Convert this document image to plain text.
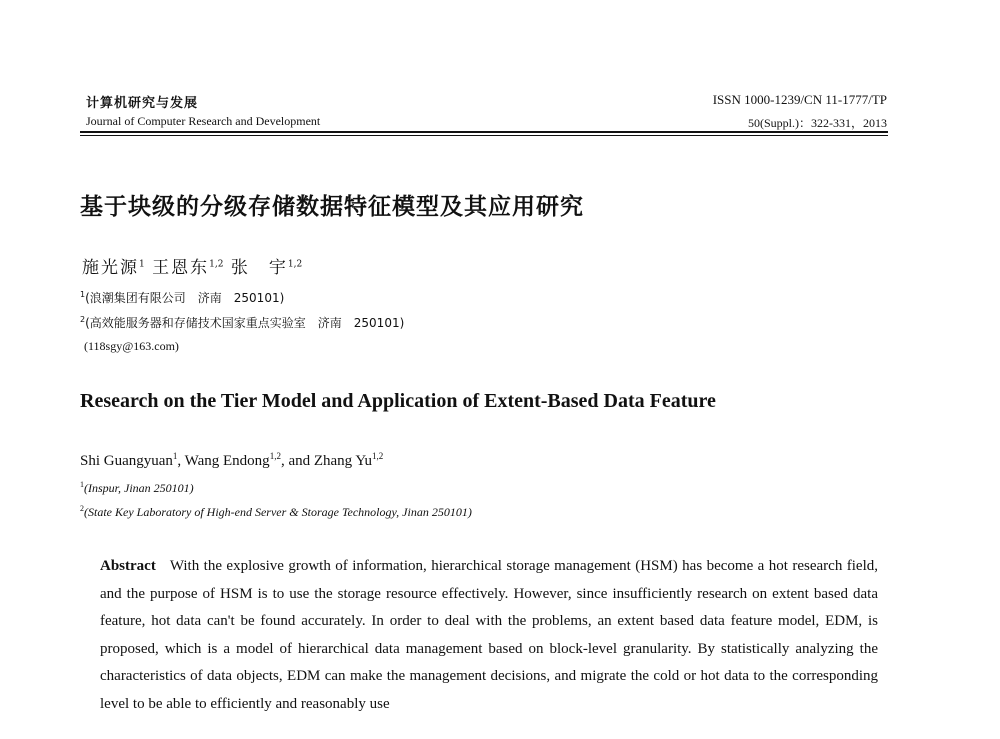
计算机研究与发展
Journal of Computer Research and Development
ISSN 1000-1239/CN 11-1777/TP
50(Suppl.)：322-331，2013
基于块级的分级存储数据特征模型及其应用研究
施光源$^1$ 王恩东$^{1,2}$ 张　宇$^{1,2}$
$^1$(浪潮集团有限公司　济南　250101)
$^2$(高效能服务器和存储技术国家重点实验室　济南　250101)
(118sgy@163.com)
Research on the Tier Model and Application of Extent-Based Data Feature
Shi Guangyuan$^1$, Wang Endong$^{1,2}$, and Zhang Yu$^{1,2}$
$^1$(Inspur, Jinan 250101)
$^2$(State Key Laboratory of High-end Server & Storage Technology, Jinan 250101)
Abstract With the explosive growth of information, hierarchical storage management (HSM) has become a hot research field, and the purpose of HSM is to use the storage resource effectively. However, since insufficiently research on extent based data feature, hot data can't be found accurately. In order to deal with the problems, an extent based data feature model, EDM, is proposed, which is a model of hierarchical data management based on block-level granularity. By statistically analyzing the characteristics of data objects, EDM can make the management decisions, and migrate the cold or hot data to the corresponding level to be able to efficiently and reasonably use
